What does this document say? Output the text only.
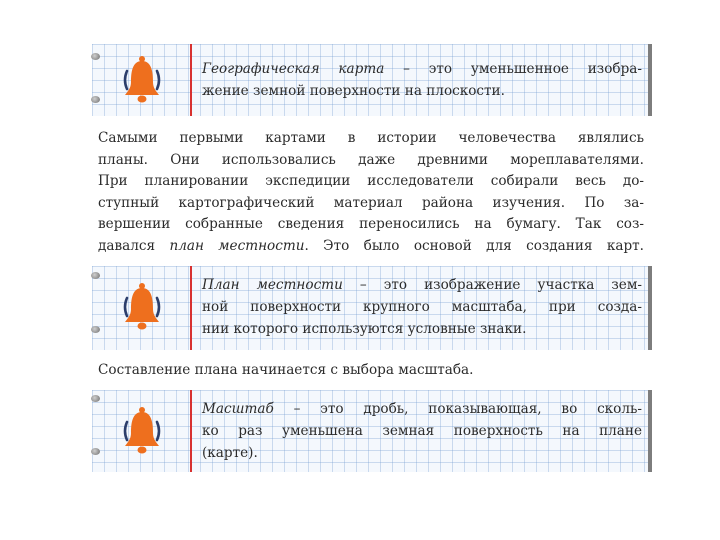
Географическая карта – это уменьшенное изобра-
жение земной поверхности на плоскости.

Самыми первыми картами в истории человечества являлись
планы. Они использовались даже древними мореплавателями.
При планировании экспедиции исследователи собирали весь до-
ступный картографический материал района изучения. По за-
вершении собранные сведения переносились на бумагу. Так соз-
давался план местности. Это было основой для создания карт.

План местности – это изображение участка зем-
ной поверхности крупного масштаба, при созда-
нии которого используются условные знаки.

Составление плана начинается с выбора масштаба.

Масштаб – это дробь, показывающая, во сколь-
ко раз уменьшена земная поверхность на плане
(карте).
